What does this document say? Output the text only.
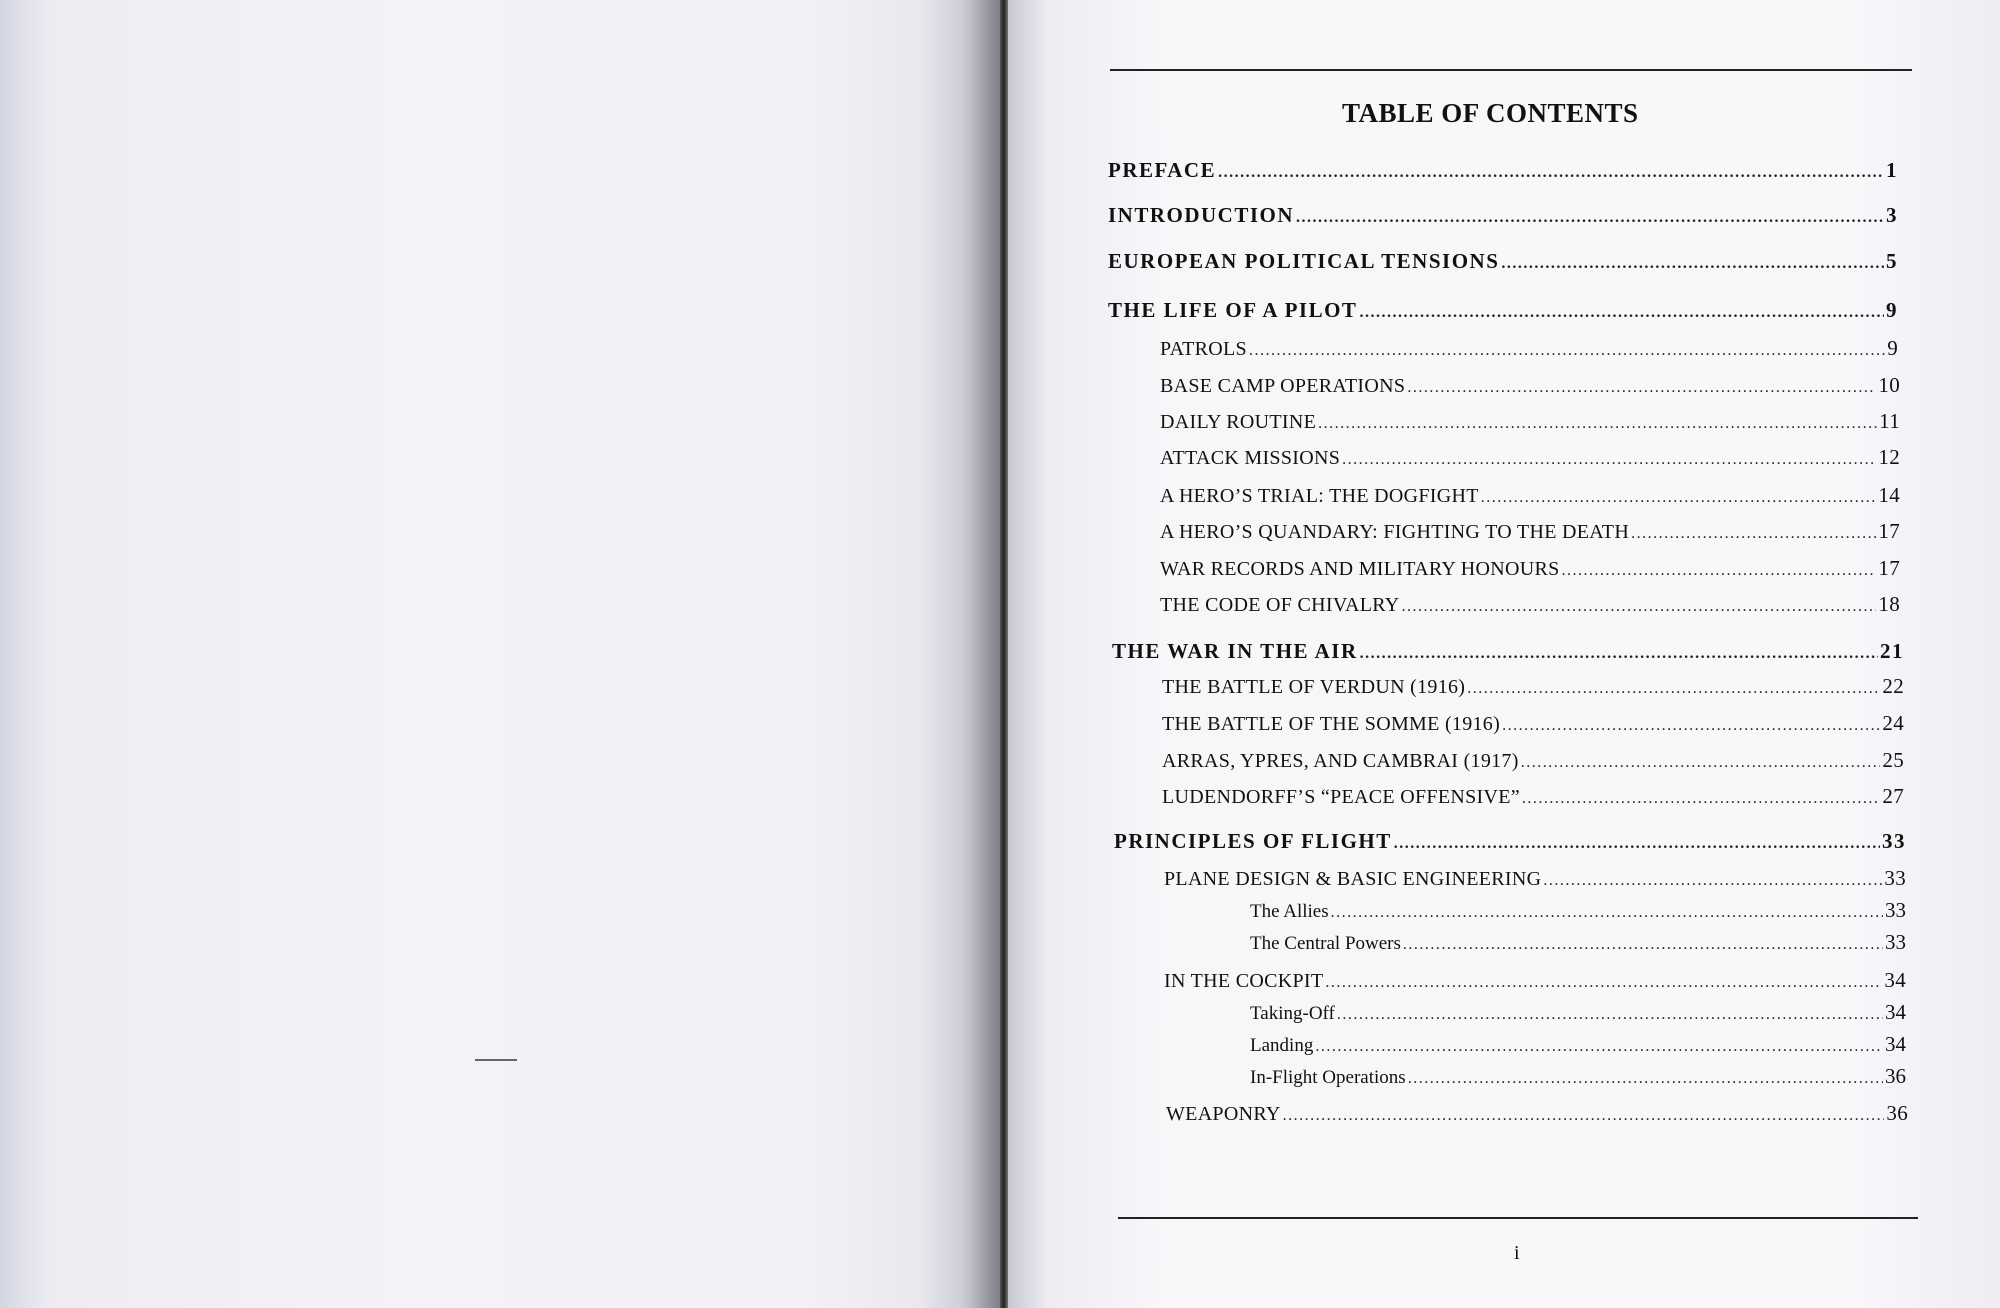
TABLE OF CONTENTS
PREFACE .....	1
INTRODUCTION .....	3
EUROPEAN POLITICAL TENSIONS .....	5
THE LIFE OF A PILOT .....	9
PATROLS .....	9
BASE CAMP OPERATIONS .....	10
DAILY ROUTINE .....	11
ATTACK MISSIONS .....	12
A HERO’S TRIAL: THE DOGFIGHT .....	14
A HERO’S QUANDARY: FIGHTING TO THE DEATH .....	17
WAR RECORDS AND MILITARY HONOURS .....	17
THE CODE OF CHIVALRY .....	18
THE WAR IN THE AIR .....	21
THE BATTLE OF VERDUN (1916) .....	22
THE BATTLE OF THE SOMME (1916) .....	24
ARRAS, YPRES, AND CAMBRAI (1917) .....	25
LUDENDORFF’S “PEACE OFFENSIVE” .....	27
PRINCIPLES OF FLIGHT .....	33
PLANE DESIGN & BASIC ENGINEERING .....	33
The Allies .....	33
The Central Powers .....	33
IN THE COCKPIT .....	34
Taking-Off .....	34
Landing .....	34
In-Flight Operations .....	36
WEAPONRY .....	36
i
